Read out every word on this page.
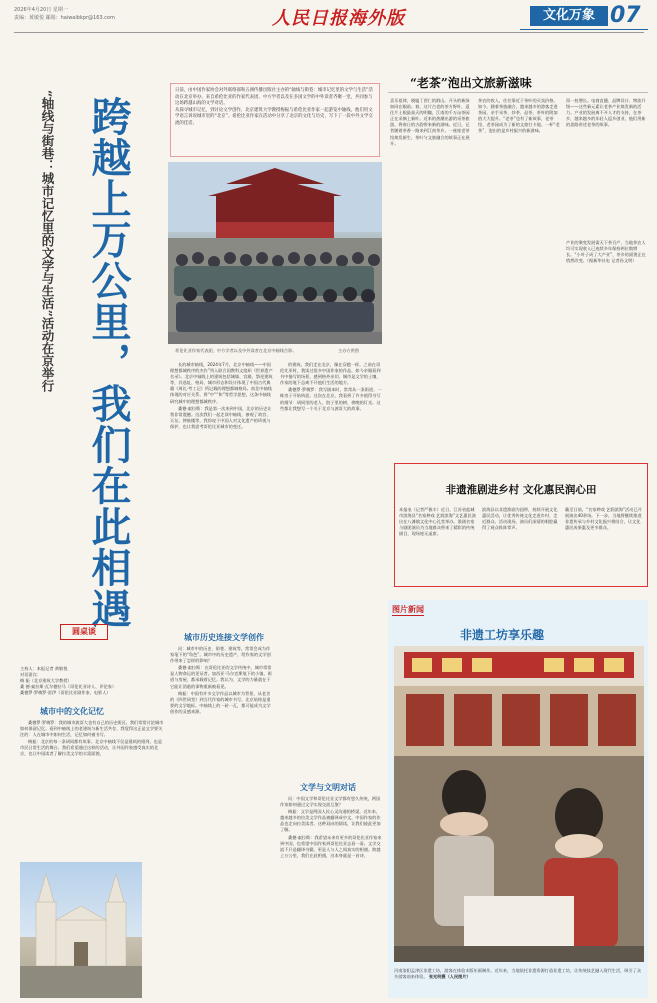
2026年4月20日 星期一
责编：黄敏悦 邮箱：haiwaibkpr@163.com	人民日报海外版	文化万象 07

日前，由中国作家协会对外联络部和五洲传播出版社主办的“轴线与街巷：城市记忆里的文学与生活”活动在北京举办。来自希伦比亚的作家代表团、中方学者以及在多国文学的中外读者齐聚一堂，共同参与这场跨越山海的文学对话。

从探寻城市记忆，到讨论文学创作，北京建筑大学教授梅振与希伦比亚作家一起游览中轴线，他们用文学语言诉说城市里的“北京”。希伦比亚作家在活动中分享了北京的文化与历史，写下了一段中外文学交流的佳话。

“轴线与街巷：城市记忆里的文学与生活”活动在京举行 跨越上万公里，我们在此相遇	希伦比亚作家代表团、中方学者以及中外读者在北京中轴线合影。	主办方供图
圆桌谈
主持人：本报记者 黄敏悦
对话嘉宾：
梅 振（北京建筑大学教授）
桑 德·索拉斯·瓦尔德拉马（哥伦比亚诗人、评论家）
桑德罗·罗梅罗·雷伊（哥伦比亚剧作家、电影人）
城市中的文化记忆

桑德罗·罗梅罗：我的城市波哥大也有自己的历史街区。我们常常讨论城市如何保留记忆。看到中轴线上的老建筑与新生活共存，我觉得这正是文学要关注的：人在城市中如何生活，记忆如何被书写。

梅振：北京的每一条胡同都有故事。北京中轴线不仅是建筑的排列，也是市民日常生活的舞台。我们希望通过这样的活动，让外国作家感受真实的北京，也让中国读者了解拉美文学的丰富面貌。

长的城市轴线，2024年7月，北京中轴线——中国理想都城秩序的杰作”列入联合国教科文组织《世界遗产名录》。北京中轴线上的建筑包括城墙、宫殿、祭祀建筑等，其选址、格局、城市形态和设计体现了中国古代典籍《周礼·考工记》所记载的理想都城格局。南北中轴线体现的对应关系，将“中”“和”等哲学思想，这条中轴线研究城中的理想都城秩序。

桑德·索拉斯：我是第一次来到中国，北京的历史让我非常震撼。这次我们一起走读中轴线，参观了故宫、天坛、钟鼓楼等，我惊叹于中国人对文化遗产的珍视与保护，也让我思考哥伦比亚城市的变迁。

城市历史连接文学创作

问：城市中的历史、街巷、建筑等，常常会成为作家笔下的“角色”。城市中的历史遗产，给作家的文学创作带来了怎样的影响？

桑德·索拉斯：在哥伦比亚的文学传统中，城市常常是人物命运的见证者。加西亚·马尔克斯笔下的小镇、街道与房屋，都承载着记忆。我认为，文学的力量就在于它能让消逝的事物重新被看见。

梅振：中国有许多文学作品以城市为背景，从老舍的《四世同堂》到当代作家的城市书写，北京始终是重要的文学地标。中轴线上的一砖一瓦，都可能成为文学创作的灵感来源。

的建筑。我们走在北京，像在穿越一样。之前在哥伦比亚时，我读过很多中国作家的作品，如今亲眼看到书中描写的场景，感到格外亲切。城市是文学的土壤，作家的笔下总离不开他们生活的地方。

桑德罗·罗梅罗：我写剧本时，常常从一条街道、一栋房子开始构思。这次在北京，我看到了许多值得书写的细节：胡同里的老人、院子里的树、傍晚的灯光。这些都让我想写一个关于北京与波哥大的故事。

文学与文明对话

问：中国文学和哥伦比亚文学都有悠久传统，两国作家如何通过文学实现交流互鉴？

梅振：文学是两国人民心灵沟通的桥梁。近年来，越来越多的拉美文学作品被翻译成中文，中国作家的作品也走向拉美读者。这种双向的阅读，让我们彼此更加了解。

桑德·索拉斯：我希望未来有更多的哥伦比亚作家来到中国，也希望中国作家到哥伦比亚去看一看。文学交流不只是翻译书籍，更是人与人之间真实的相遇。跨越上万公里，我们在此相遇，这本身就是一首诗。

“老茶”泡出文旅新滋味
喜乐祖律，晓履丁酉仁的群山。开头的新绿如同在眼前。春，这片古老的茶方野叶，返住片土根最高天的明瞳，江南的千万亩茶园正在采摘上新叶。近来的热潮出游的采茶旅游，将春日的古韵带来新的滋味。近日，记者随着茶香一路来到江南茶乡。一座座老茶馆焕发新生，茶叶与文旅融合的故事正在展开。
茶农的收入，往往靠近于茶叶的买卖价格。如今，随着茶旅融合，越来越多的游客走进茶园，亲手采茶、炒茶、品茶，茶叶的附加值大大提升。“老茶”也有了新故事，老茶馆、老茶园成为了新的文旅打卡地。一杯“老茶”，泡出的是乡村振兴的新滋味。
留一桩增长。电商直播、品牌设计、物流升级——这些新元素让老茶产业焕发新的活力。产业的发展离不开人才的支持，在茶乡，越来越多的年轻人返乡创业，他们用新的思路讲述老茶的故事。
产业的聚变发展需天下茶百产，当地茶农人均可实现收入已连续多年保持两位数增长。“小叶子成了大产业”，茶乡的面貌正在悄然改变。（据新华社电 记者孙文明）
非遗淮剧进乡村 文化惠民润心田
本报电（记者严雅丰）近日，江苏省盐城市滨海县“名家种戏 艺润滨海”文艺惠民演出在八滩镇文化中心礼堂举办。淮剧名家与剧团演员为当地群众带来了精彩的传统剧目，现场座无虚席。
滨海县以非遗淮剧为纽带，持续开展文化惠民活动，让优秀传统文化走进乡村、走近群众。活动现场，演员们深情的唱腔赢得了观众阵阵掌声。
戴至日前，“名家种戏 艺润滨海”活动已开展演出40余场。下一步，当地将继续推进非遗传承与乡村文化振兴相结合，让文化惠民成果惠及更多群众。
图片新闻
非遗工坊享乐趣
河南洛阳孟津区非遗工坊，游客在体验木版年画制作。近年来，当地依托非遗资源打造非遗工坊，让传统技艺融入现代生活，吸引了众多游客前来体验。 张光明摄（人民图片）
